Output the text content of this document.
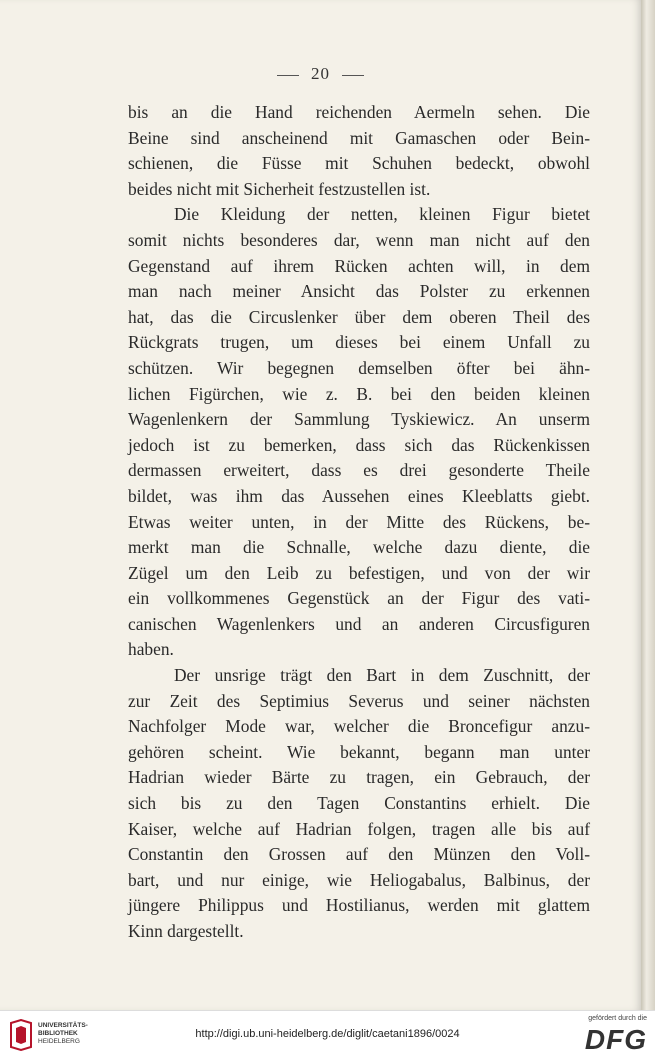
20
bis an die Hand reichenden Aermeln sehen. Die
Beine sind anscheinend mit Gamaschen oder Bein-
schienen, die Füsse mit Schuhen bedeckt, obwohl
beides nicht mit Sicherheit festzustellen ist.
Die Kleidung der netten, kleinen Figur bietet
somit nichts besonderes dar, wenn man nicht auf den
Gegenstand auf ihrem Rücken achten will, in dem
man nach meiner Ansicht das Polster zu erkennen
hat, das die Circuslenker über dem oberen Theil des
Rückgrats trugen, um dieses bei einem Unfall zu
schützen. Wir begegnen demselben öfter bei ähn-
lichen Figürchen, wie z. B. bei den beiden kleinen
Wagenlenkern der Sammlung Tyskiewicz. An unserm
jedoch ist zu bemerken, dass sich das Rückenkissen
dermassen erweitert, dass es drei gesonderte Theile
bildet, was ihm das Aussehen eines Kleeblatts giebt.
Etwas weiter unten, in der Mitte des Rückens, be-
merkt man die Schnalle, welche dazu diente, die
Zügel um den Leib zu befestigen, und von der wir
ein vollkommenes Gegenstück an der Figur des vati-
canischen Wagenlenkers und an anderen Circusfiguren
haben.
Der unsrige trägt den Bart in dem Zuschnitt, der
zur Zeit des Septimius Severus und seiner nächsten
Nachfolger Mode war, welcher die Broncefigur anzu-
gehören scheint. Wie bekannt, begann man unter
Hadrian wieder Bärte zu tragen, ein Gebrauch, der
sich bis zu den Tagen Constantins erhielt. Die
Kaiser, welche auf Hadrian folgen, tragen alle bis auf
Constantin den Grossen auf den Münzen den Voll-
bart, und nur einige, wie Heliogabalus, Balbinus, der
jüngere Philippus und Hostilianus, werden mit glattem
Kinn dargestellt.
UNIVERSITÄTS-
BIBLIOTHEK
HEIDELBERG
http://digi.ub.uni-heidelberg.de/diglit/caetani1896/0024
gefördert durch die
DFG
